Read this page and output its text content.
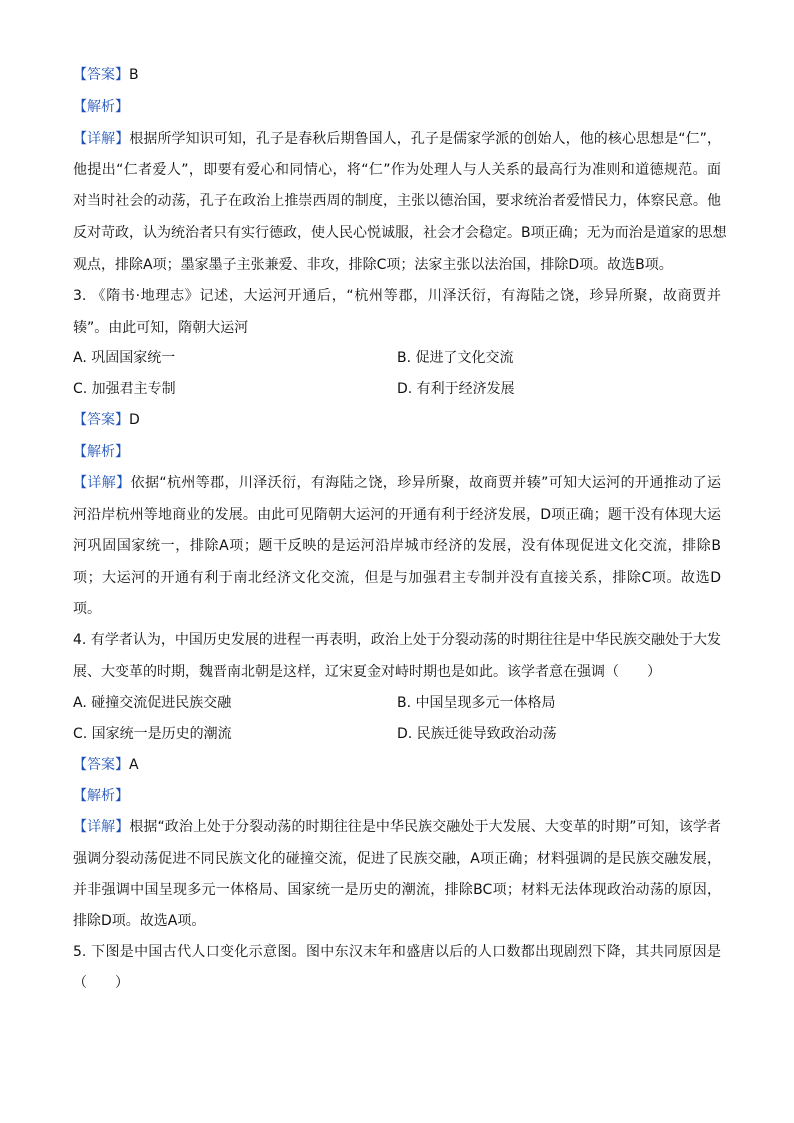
【答案】B
【解析】
【详解】根据所学知识可知，孔子是春秋后期鲁国人，孔子是儒家学派的创始人，他的核心思想是“仁”，
他提出“仁者爱人”，即要有爱心和同情心，将“仁”作为处理人与人关系的最高行为准则和道德规范。面
对当时社会的动荡，孔子在政治上推崇西周的制度，主张以德治国，要求统治者爱惜民力，体察民意。他
反对苛政，认为统治者只有实行德政，使人民心悦诚服，社会才会稳定。B项正确；无为而治是道家的思想
观点，排除A项；墨家墨子主张兼爱、非攻，排除C项；法家主张以法治国，排除D项。故选B项。
3. 《隋书·地理志》记述，大运河开通后，“杭州等郡，川泽沃衍，有海陆之饶，珍异所聚，故商贾并
辏”。由此可知，隋朝大运河
A. 巩固国家统一	B. 促进了文化交流
C. 加强君主专制	D. 有利于经济发展
【答案】D
【解析】
【详解】依据“杭州等郡，川泽沃衍，有海陆之饶，珍异所聚，故商贾并辏”可知大运河的开通推动了运
河沿岸杭州等地商业的发展。由此可见隋朝大运河的开通有利于经济发展，D项正确；题干没有体现大运
河巩固国家统一，排除A项；题干反映的是运河沿岸城市经济的发展，没有体现促进文化交流，排除B
项；大运河的开通有利于南北经济文化交流，但是与加强君主专制并没有直接关系，排除C项。故选D
项。
4. 有学者认为，中国历史发展的进程一再表明，政治上处于分裂动荡的时期往往是中华民族交融处于大发
展、大变革的时期，魏晋南北朝是这样，辽宋夏金对峙时期也是如此。该学者意在强调（　　）
A. 碰撞交流促进民族交融	B. 中国呈现多元一体格局
C. 国家统一是历史的潮流	D. 民族迁徙导致政治动荡
【答案】A
【解析】
【详解】根据“政治上处于分裂动荡的时期往往是中华民族交融处于大发展、大变革的时期”可知，该学者
强调分裂动荡促进不同民族文化的碰撞交流，促进了民族交融，A项正确；材料强调的是民族交融发展，
并非强调中国呈现多元一体格局、国家统一是历史的潮流，排除BC项；材料无法体现政治动荡的原因，
排除D项。故选A项。
5. 下图是中国古代人口变化示意图。图中东汉末年和盛唐以后的人口数都出现剧烈下降，其共同原因是
（　　）
